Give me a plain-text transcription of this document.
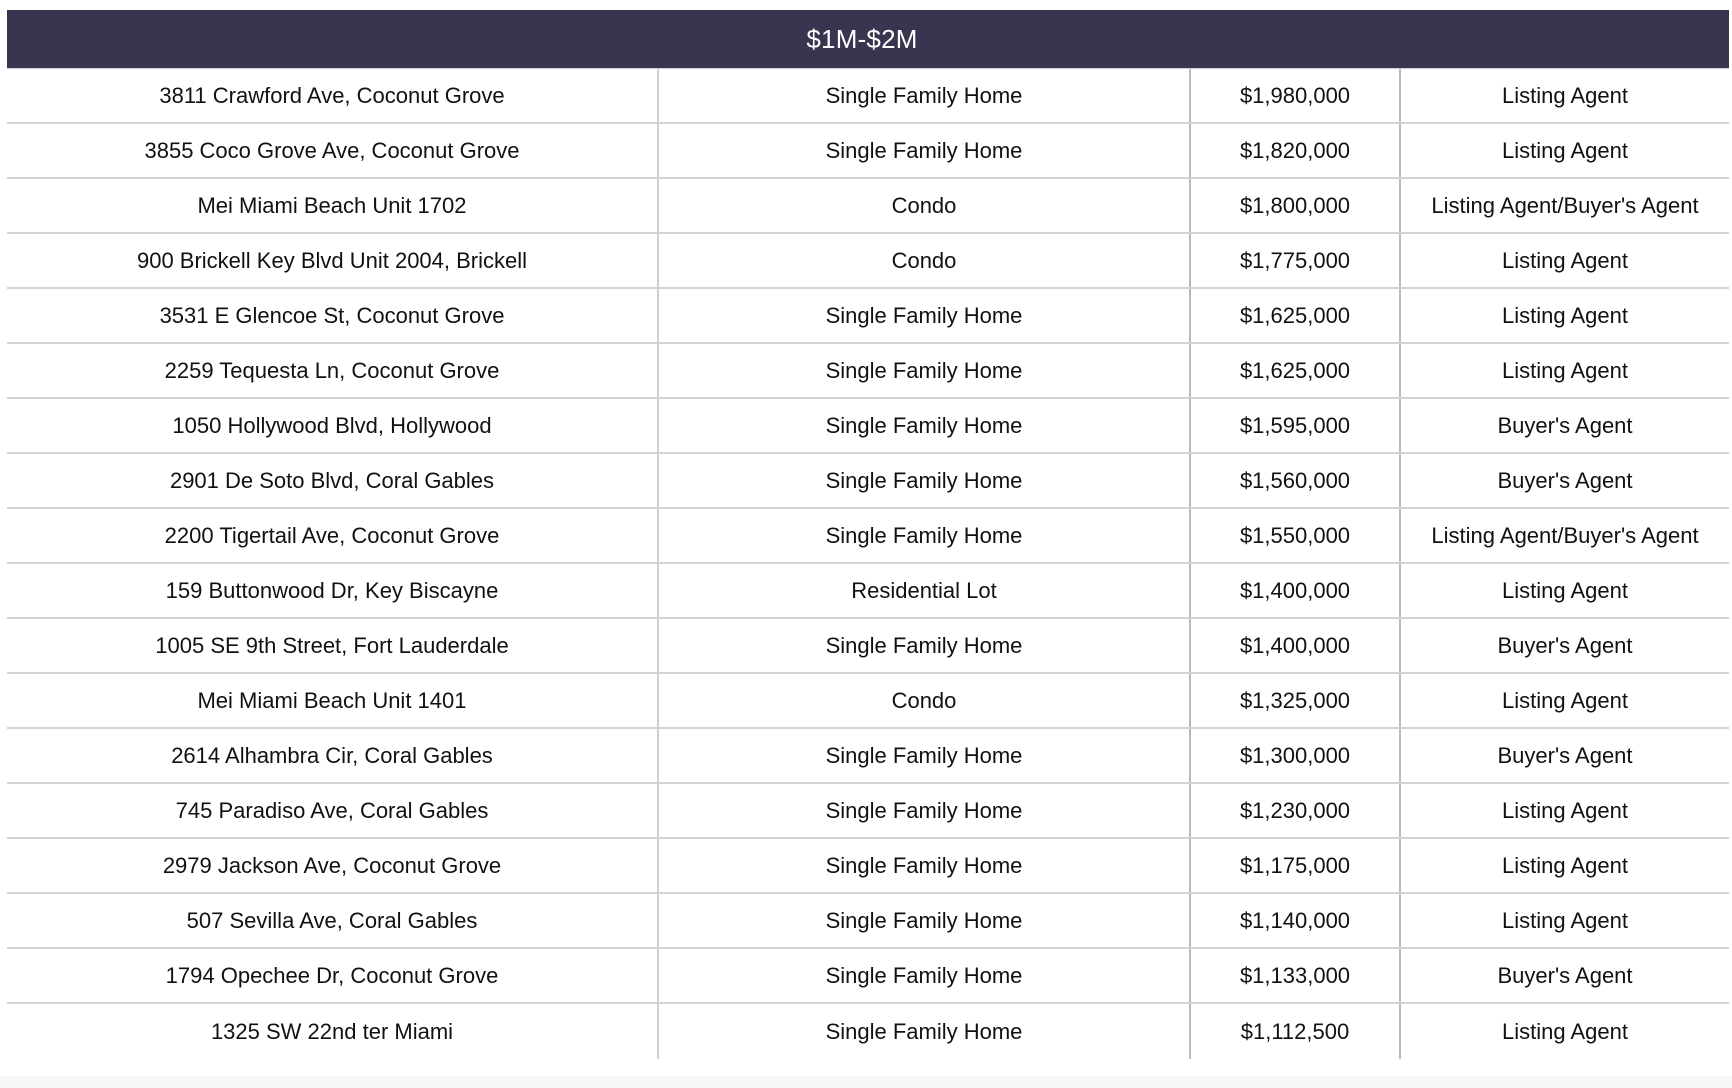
$1M-$2M
3811 Crawford Ave, Coconut Grove	Single Family Home	$1,980,000	Listing Agent
3855 Coco Grove Ave, Coconut Grove	Single Family Home	$1,820,000	Listing Agent
Mei Miami Beach Unit 1702	Condo	$1,800,000	Listing Agent/Buyer's Agent
900 Brickell Key Blvd Unit 2004, Brickell	Condo	$1,775,000	Listing Agent
3531 E Glencoe St, Coconut Grove	Single Family Home	$1,625,000	Listing Agent
2259 Tequesta Ln, Coconut Grove	Single Family Home	$1,625,000	Listing Agent
1050 Hollywood Blvd, Hollywood	Single Family Home	$1,595,000	Buyer's Agent
2901 De Soto Blvd, Coral Gables	Single Family Home	$1,560,000	Buyer's Agent
2200 Tigertail Ave, Coconut Grove	Single Family Home	$1,550,000	Listing Agent/Buyer's Agent
159 Buttonwood Dr, Key Biscayne	Residential Lot	$1,400,000	Listing Agent
1005 SE 9th Street, Fort Lauderdale	Single Family Home	$1,400,000	Buyer's Agent
Mei Miami Beach Unit 1401	Condo	$1,325,000	Listing Agent
2614 Alhambra Cir, Coral Gables	Single Family Home	$1,300,000	Buyer's Agent
745 Paradiso Ave, Coral Gables	Single Family Home	$1,230,000	Listing Agent
2979 Jackson Ave, Coconut Grove	Single Family Home	$1,175,000	Listing Agent
507 Sevilla Ave, Coral Gables	Single Family Home	$1,140,000	Listing Agent
1794 Opechee Dr, Coconut Grove	Single Family Home	$1,133,000	Buyer's Agent
1325 SW 22nd ter Miami	Single Family Home	$1,112,500	Listing Agent
